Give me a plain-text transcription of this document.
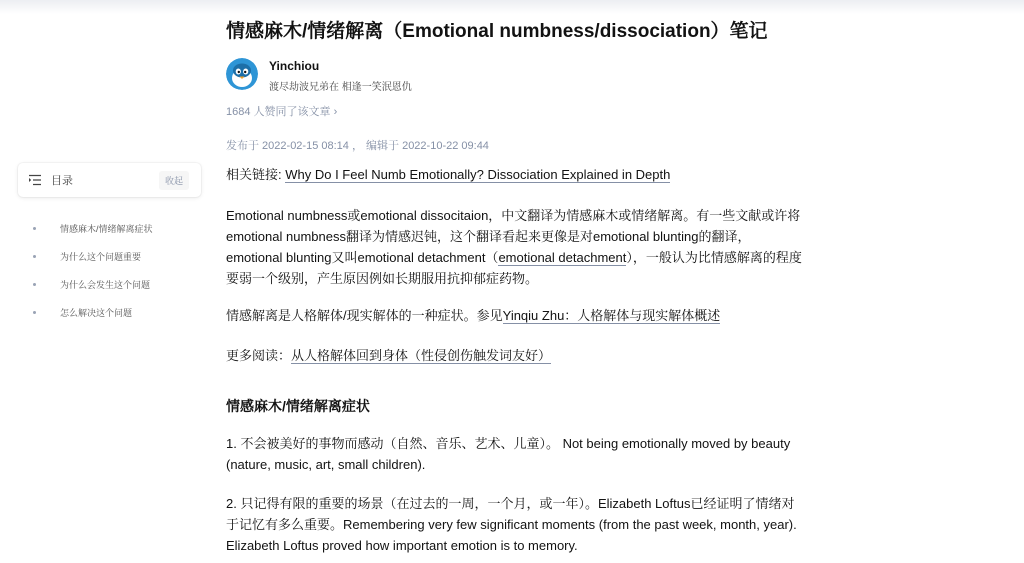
目录	收起
情感麻木/情绪解离症状
为什么这个问题重要
为什么会发生这个问题
怎么解决这个问题
情感麻木/情绪解离（Emotional numbness/dissociation）笔记
Yinchiou
渡尽劫波兄弟在 相逢一笑泯恩仇
1684 人赞同了该文章 ›
发布于 2022-02-15 08:14 ， 编辑于 2022-10-22 09:44

相关链接: Why Do I Feel Numb Emotionally? Dissociation Explained in Depth

Emotional numbness或emotional dissocitaion，中文翻译为情感麻木或情绪解离。有一些文献或许将emotional numbness翻译为情感迟钝，这个翻译看起来更像是对emotional blunting的翻译，emotional blunting又叫emotional detachment（emotional detachment），一般认为比情感解离的程度要弱一个级别，产生原因例如长期服用抗抑郁症药物。

情感解离是人格解体/现实解体的一种症状。参见Yinqiu Zhu：人格解体与现实解体概述

更多阅读：从人格解体回到身体（性侵创伤触发词友好）

情感麻木/情绪解离症状

1. 不会被美好的事物而感动（自然、音乐、艺术、儿童）。 Not being emotionally moved by beauty (nature, music, art, small children).

2. 只记得有限的重要的场景（在过去的一周，一个月，或一年）。Elizabeth Loftus已经证明了情绪对于记忆有多么重要。Remembering very few significant moments (from the past week, month, year). Elizabeth Loftus proved how important emotion is to memory.
